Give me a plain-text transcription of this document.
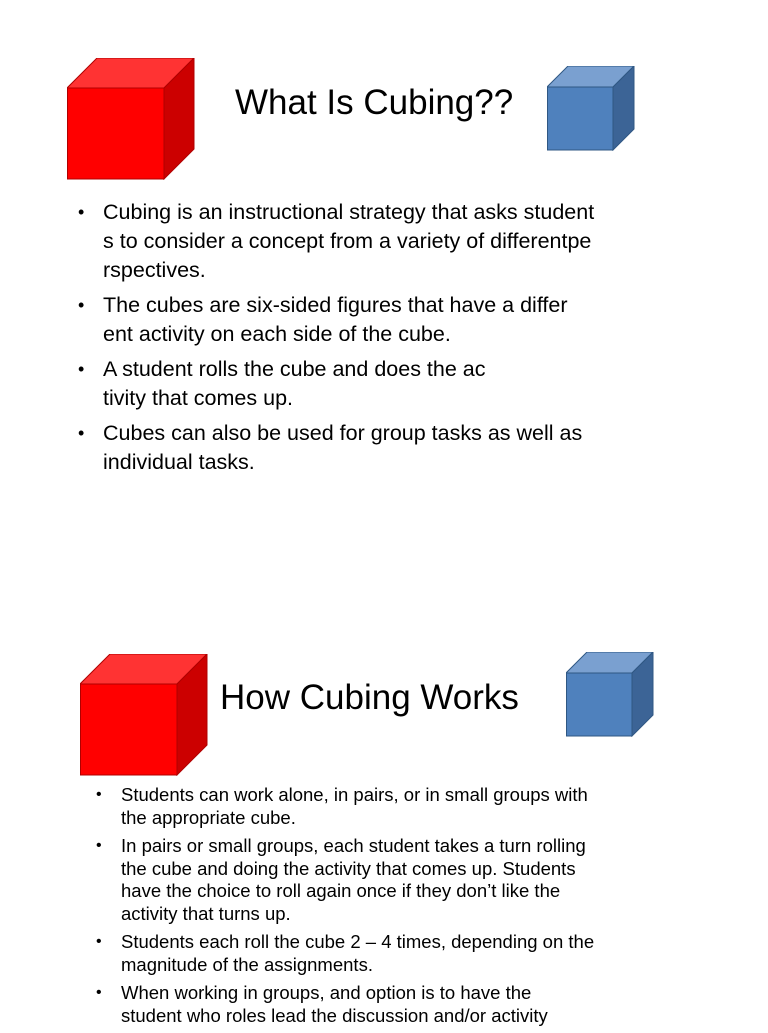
What Is Cubing??
• Cubing is an instructional strategy that asks student
s to consider a concept from a variety of differentpe
rspectives.
• The cubes are six-sided figures that have a differ
ent activity on each side of the cube.
• A student rolls the cube and does the ac
tivity that comes up.
• Cubes can also be used for group tasks as well as
individual tasks.
How Cubing Works
• Students can work alone, in pairs, or in small groups with
the appropriate cube.
• In pairs or small groups, each student takes a turn rolling
the cube and doing the activity that comes up. Students
have the choice to roll again once if they don’t like the
activity that turns up.
• Students each roll the cube 2 – 4 times, depending on the
magnitude of the assignments.
• When working in groups, and option is to have the
student who roles lead the discussion and/or activity
